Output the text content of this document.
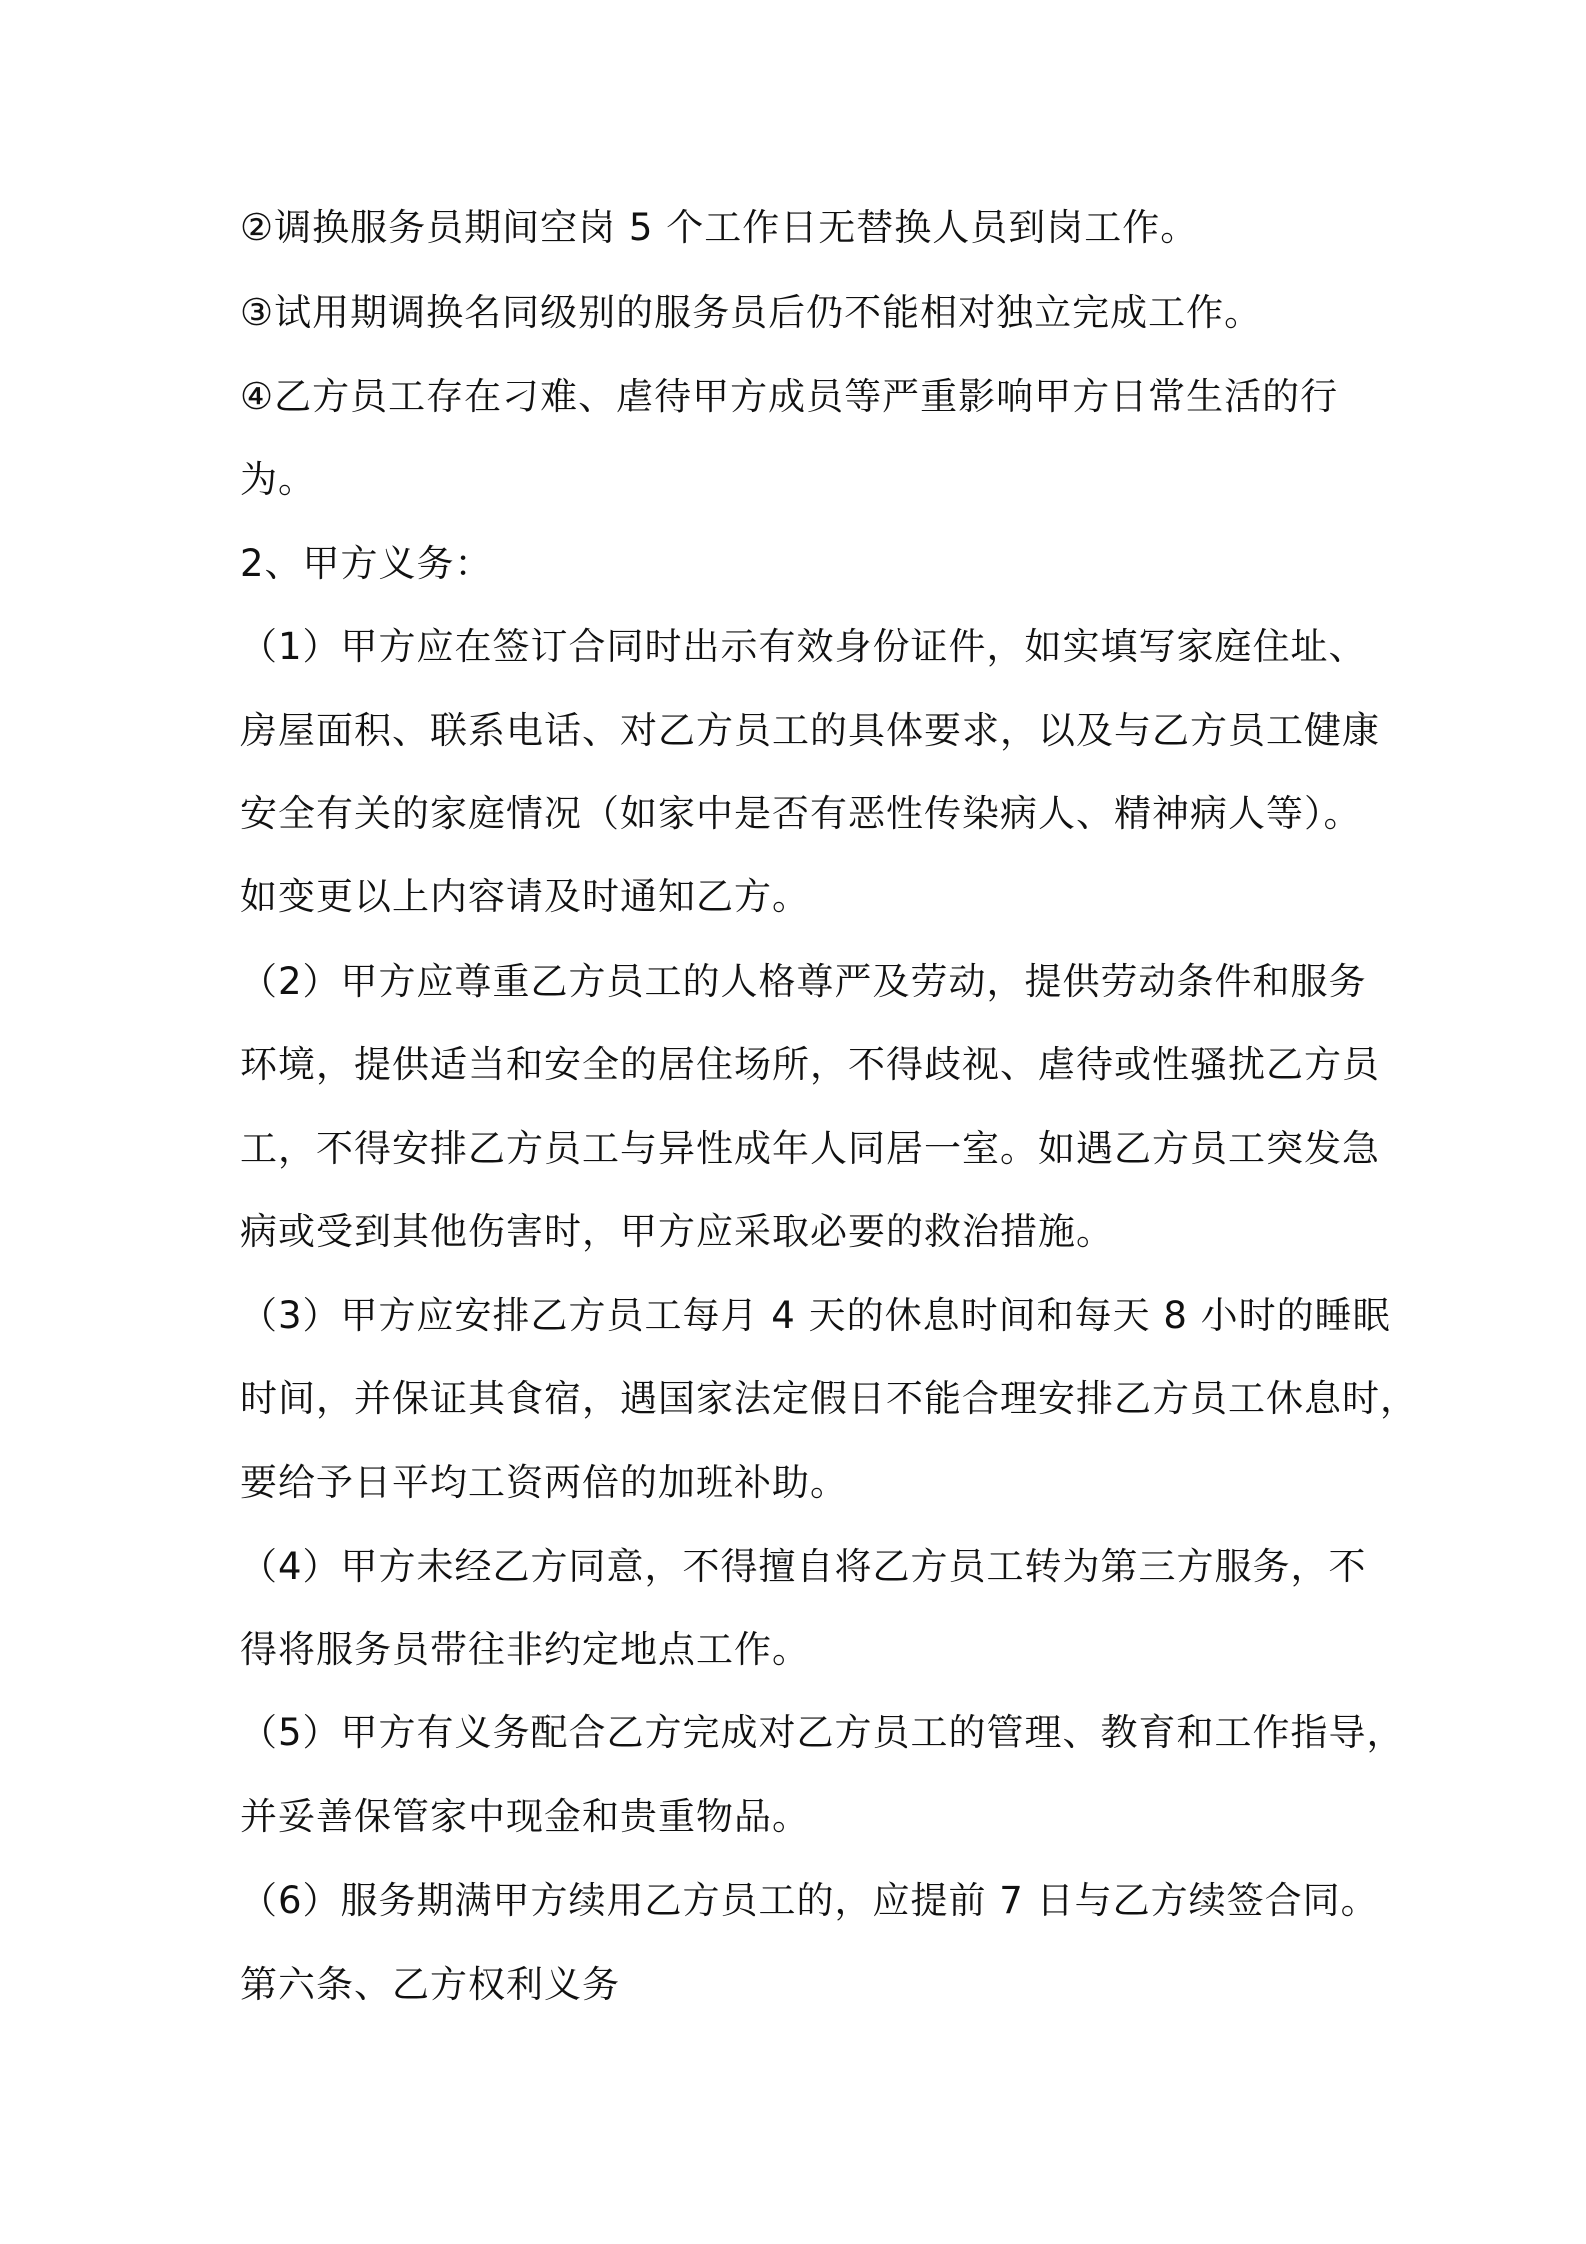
②调换服务员期间空岗 5 个工作日无替换人员到岗工作。
③试用期调换名同级别的服务员后仍不能相对独立完成工作。
④乙方员工存在刁难、虐待甲方成员等严重影响甲方日常生活的行
为。
2、甲方义务：
（1）甲方应在签订合同时出示有效身份证件，如实填写家庭住址、
房屋面积、联系电话、对乙方员工的具体要求，以及与乙方员工健康
安全有关的家庭情况（如家中是否有恶性传染病人、精神病人等）。
如变更以上内容请及时通知乙方。
（2）甲方应尊重乙方员工的人格尊严及劳动，提供劳动条件和服务
环境，提供适当和安全的居住场所，不得歧视、虐待或性骚扰乙方员
工，不得安排乙方员工与异性成年人同居一室。如遇乙方员工突发急
病或受到其他伤害时，甲方应采取必要的救治措施。
（3）甲方应安排乙方员工每月 4 天的休息时间和每天 8 小时的睡眠
时间，并保证其食宿，遇国家法定假日不能合理安排乙方员工休息时，
要给予日平均工资两倍的加班补助。
（4）甲方未经乙方同意，不得擅自将乙方员工转为第三方服务，不
得将服务员带往非约定地点工作。
（5）甲方有义务配合乙方完成对乙方员工的管理、教育和工作指导，
并妥善保管家中现金和贵重物品。
（6）服务期满甲方续用乙方员工的，应提前 7 日与乙方续签合同。
第六条、乙方权利义务
